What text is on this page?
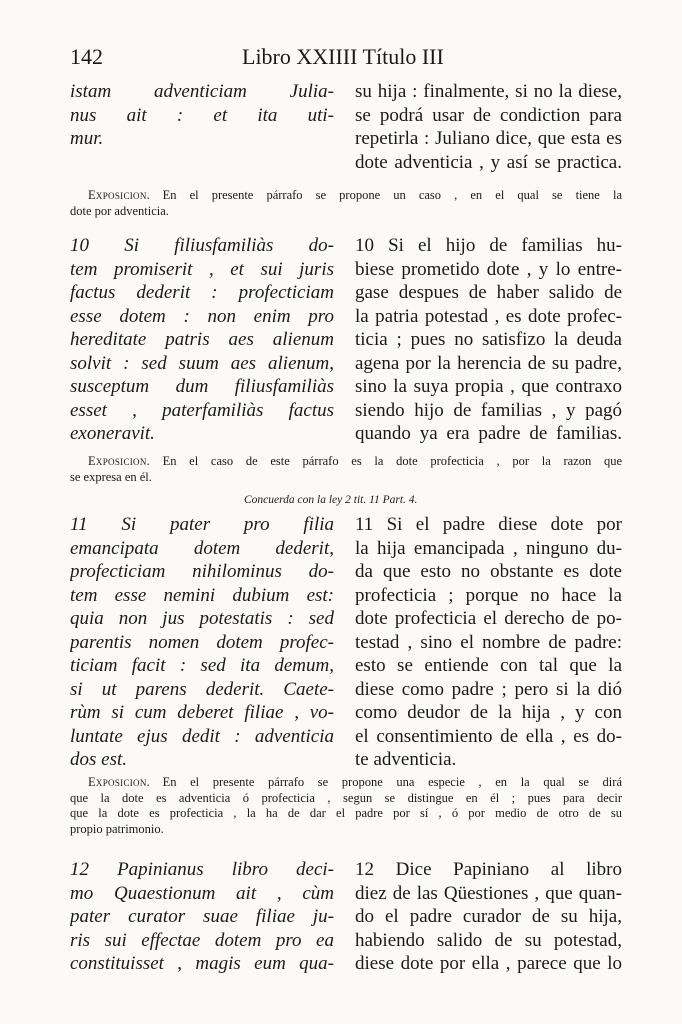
142	Libro XXIIII Título III
istam adventiciam Julia-
nus ait : et ita uti-
mur.
su hija : finalmente, si no la diese,
se podrá usar de condiction para
repetirla : Juliano dice, que esta es
dote adventicia , y así se practica.
Exposicion.  En el presente párrafo se propone un caso , en el qual se tiene la
dote por adventicia.
10 Si filiusfamiliàs do-
tem promiserit , et sui juris
factus dederit : profecticiam
esse dotem : non enim pro
hereditate patris aes alienum
solvit : sed suum aes alienum,
susceptum dum filiusfamiliàs
esset , paterfamiliàs factus
exoneravit.
10 Si el hijo de familias hu-
biese prometido dote , y lo entre-
gase despues de haber salido de
la patria potestad , es dote profec-
ticia ; pues no satisfizo la deuda
agena por la herencia de su padre,
sino la suya propia , que contraxo
siendo hijo de familias , y pagó
quando ya era padre de familias.
Exposicion.  En el caso de este párrafo es la dote profecticia , por la razon que
se expresa en él.
Concuerda con la ley 2 tit. 11 Part. 4.
11 Si pater pro filia
emancipata dotem dederit,
profecticiam nihilominus do-
tem esse nemini dubium est:
quia non jus potestatis : sed
parentis nomen dotem profec-
ticiam facit : sed ita demum,
si ut parens dederit. Caete-
rùm si cum deberet filiae , vo-
luntate ejus dedit : adventicia
dos est.
11 Si el padre diese dote por
la hija emancipada , ninguno du-
da que esto no obstante es dote
profecticia ; porque no hace la
dote profecticia el derecho de po-
testad , sino el nombre de padre:
esto se entiende con tal que la
diese como padre ; pero si la dió
como deudor de la hija , y con
el consentimiento de ella , es do-
te adventicia.
Exposicion.  En el presente párrafo se propone una especie , en la qual se dirá
que la dote es adventicia ó profecticia , segun se distingue en él ; pues para decir
que la dote es profecticia , la ha de dar el padre por sí , ó por medio de otro de su
propio patrimonio.
12 Papinianus libro deci-
mo Quaestionum ait , cùm
pater curator suae filiae ju-
ris sui effectae dotem pro ea
constituisset , magis eum qua-
12 Dice Papiniano al libro
diez de las Qüestiones , que quan-
do el padre curador de su hija,
habiendo salido de su potestad,
diese dote por ella , parece que lo
